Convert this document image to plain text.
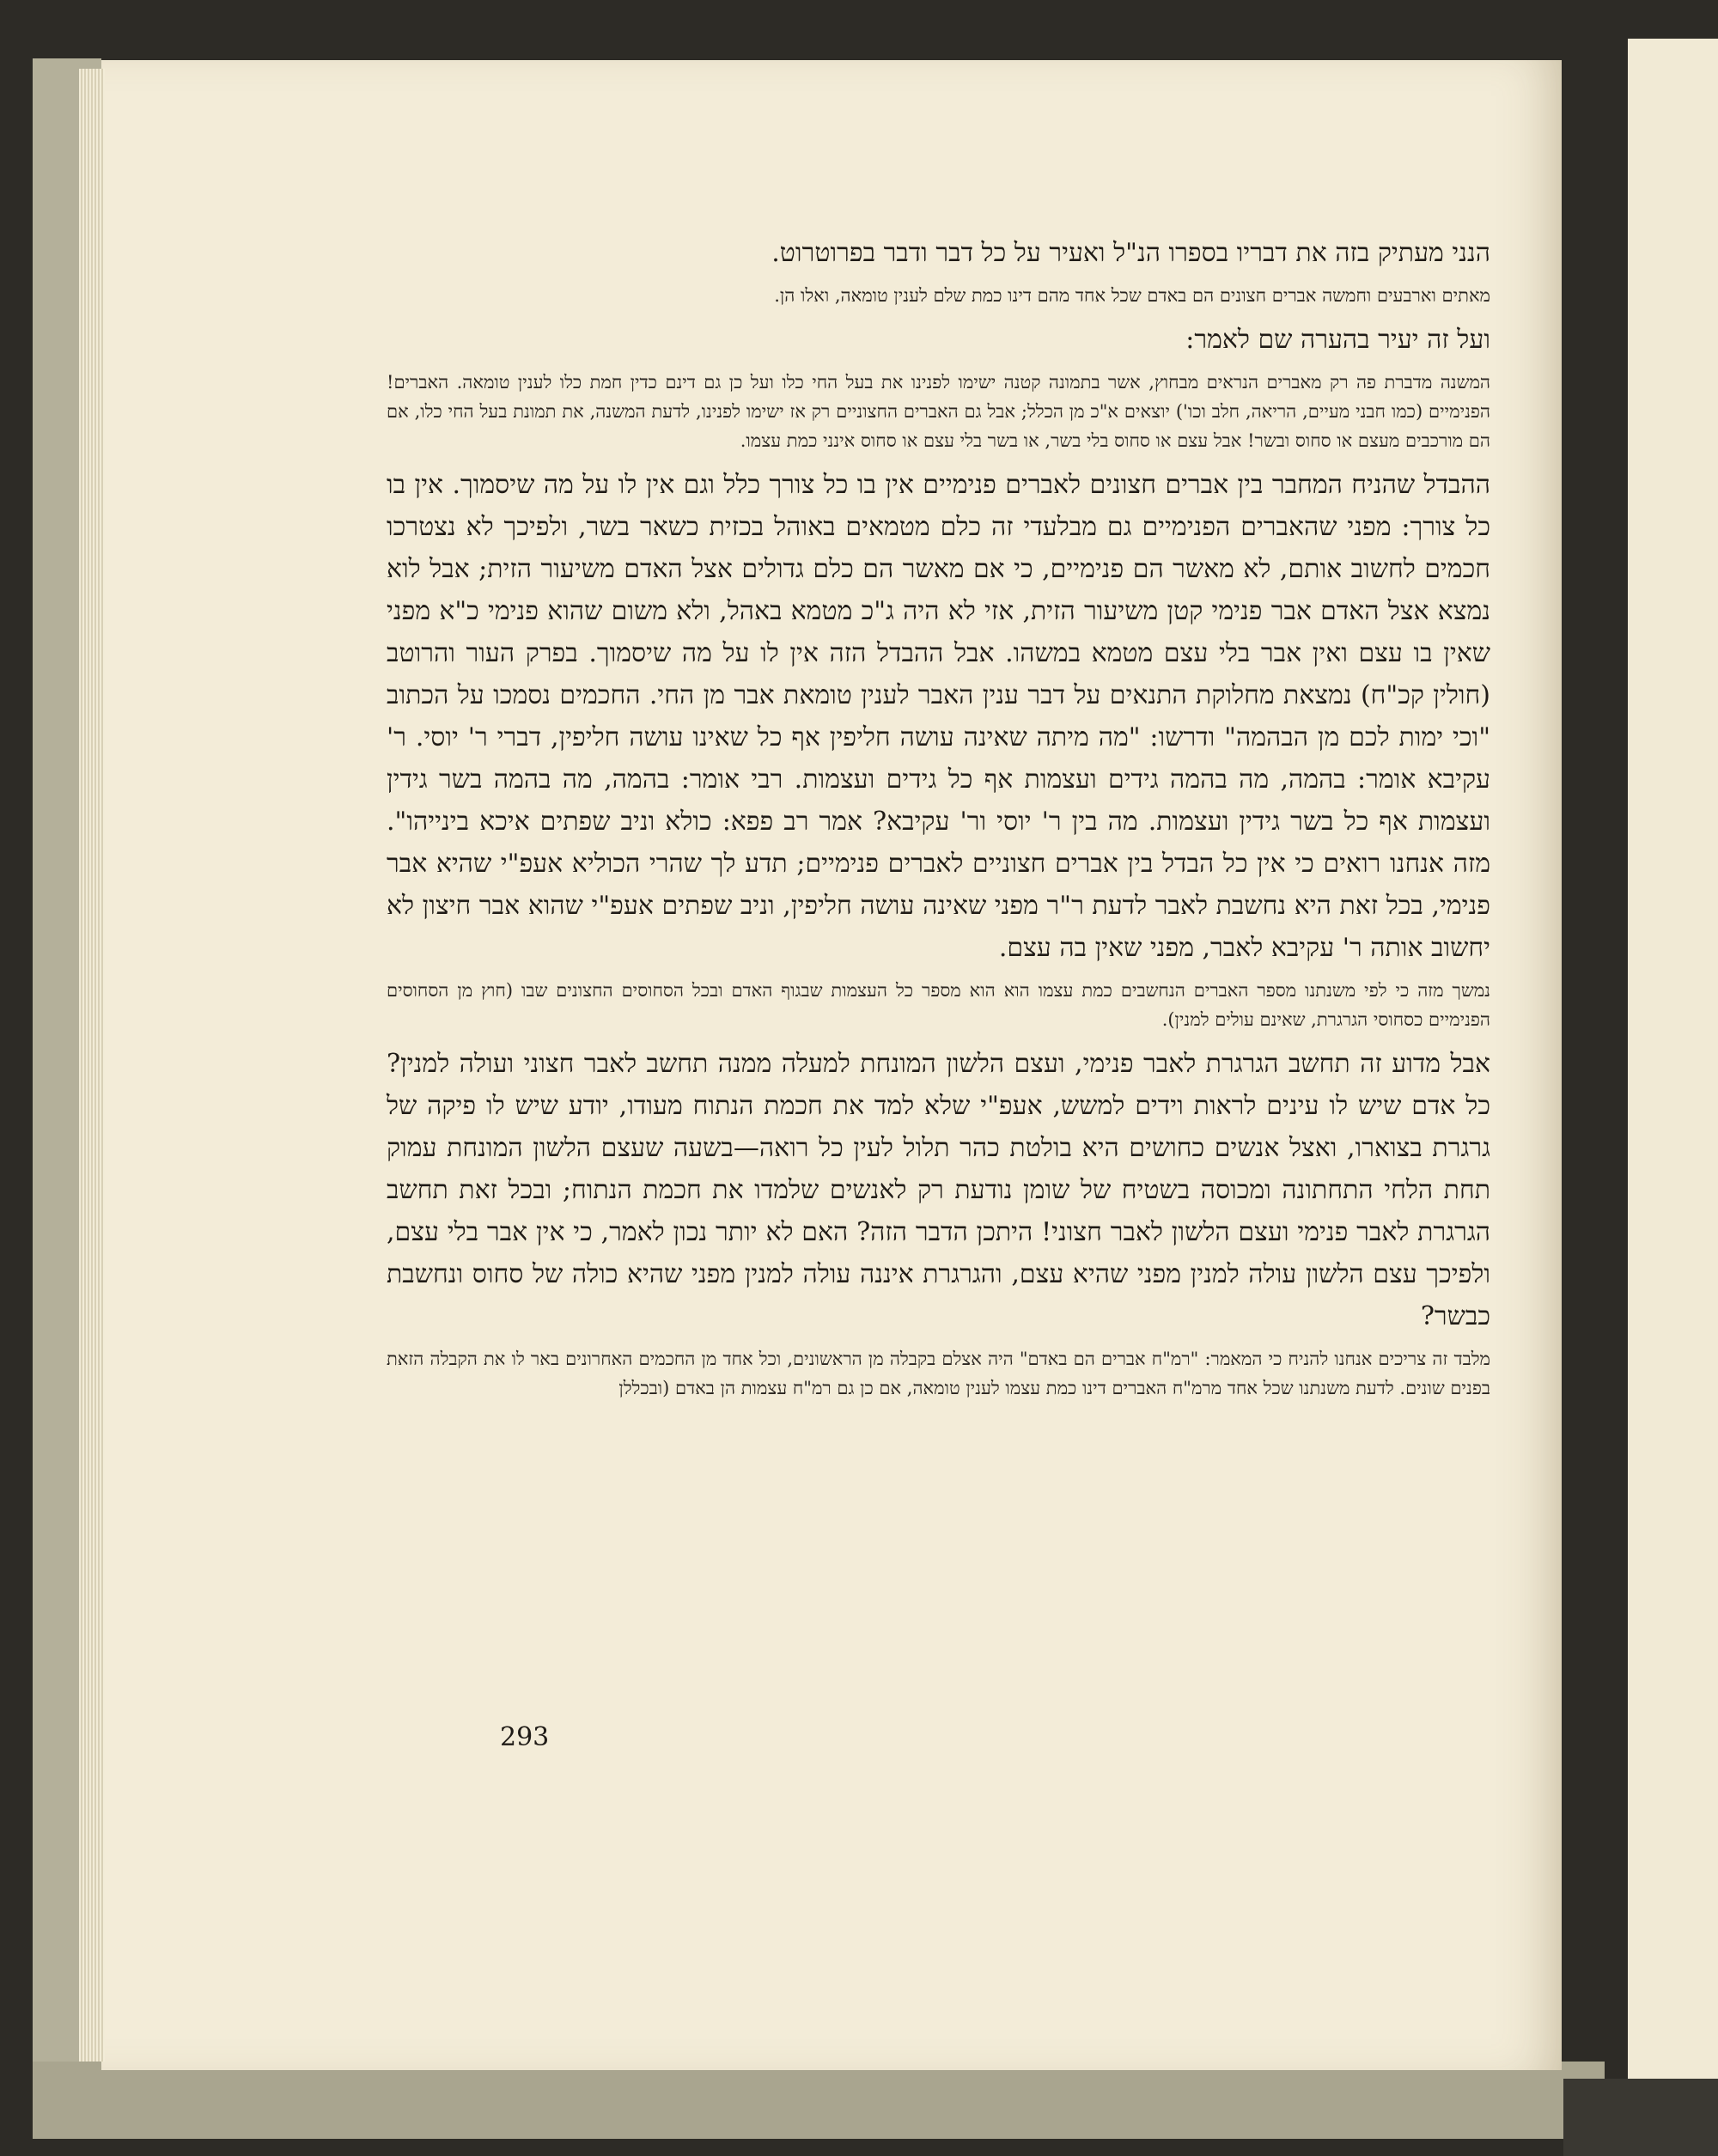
הנני מעתיק בזה את דבריו בספרו הנ"ל ואעיר על כל דבר ודבר בפרוטרוט.

מאתים וארבעים וחמשה אברים חצונים הם באדם שכל אחד מהם דינו כמת שלם לענין טומאה, ואלו הן.

ועל זה יעיר בהערה שם לאמר:

המשנה מדברת פה רק מאברים הנראים מבחוץ, אשר בתמונה קטנה ישימו לפנינו את בעל החי כלו ועל כן גם דינם כדין חמת כלו לענין טומאה. האברים! הפנימיים (כמו חבני מעיים, הריאה, חלב וכו') יוצאים א"כ מן הכלל; אבל גם האברים החצוניים רק אז ישימו לפנינו, לדעת המשנה, את תמונת בעל החי כלו, אם הם מורכבים מעצם או סחוס ובשר! אבל עצם או סחוס בלי בשר, או בשר בלי עצם או סחוס אינני כמת עצמו.

ההבדל שהניח המחבר בין אברים חצונים לאברים פנימיים אין בו כל צורך כלל וגם אין לו על מה שיסמוך. אין בו כל צורך: מפני שהאברים הפנימיים גם מבלעדי זה כלם מטמאים באוהל בכזית כשאר בשר, ולפיכך לא נצטרכו חכמים לחשוב אותם, לא מאשר הם פנימיים, כי אם מאשר הם כלם גדולים אצל האדם משיעור הזית; אבל לוא נמצא אצל האדם אבר פנימי קטן משיעור הזית, אזי לא היה ג"כ מטמא באהל, ולא משום שהוא פנימי כ"א מפני שאין בו עצם ואין אבר בלי עצם מטמא במשהו. אבל ההבדל הזה אין לו על מה שיסמוך. בפרק העור והרוטב (חולין קכ"ח) נמצאת מחלוקת התנאים על דבר ענין האבר לענין טומאת אבר מן החי. החכמים נסמכו על הכתוב "וכי ימות לכם מן הבהמה" ודרשו: "מה מיתה שאינה עושה חליפין אף כל שאינו עושה חליפין, דברי ר' יוסי. ר' עקיבא אומר: בהמה, מה בהמה גידים ועצמות אף כל גידים ועצמות. רבי אומר: בהמה, מה בהמה בשר גידין ועצמות אף כל בשר גידין ועצמות. מה בין ר' יוסי ור' עקיבא? אמר רב פפא: כולא וניב שפתים איכא בינייהו". מזה אנחנו רואים כי אין כל הבדל בין אברים חצוניים לאברים פנימיים; תדע לך שהרי הכוליא אעפ"י שהיא אבר פנימי, בכל זאת היא נחשבת לאבר לדעת ר"ר מפני שאינה עושה חליפין, וניב שפתים אעפ"י שהוא אבר חיצון לא יחשוב אותה ר' עקיבא לאבר, מפני שאין בה עצם.

נמשך מזה כי לפי משנתנו מספר האברים הנחשבים כמת עצמו הוא הוא מספר כל העצמות שבגוף האדם ובכל הסחוסים החצונים שבו (חוץ מן הסחוסים הפנימיים כסחוסי הגרגרת, שאינם עולים למנין).

אבל מדוע זה תחשב הגרגרת לאבר פנימי, ועצם הלשון המונחת למעלה ממנה תחשב לאבר חצוני ועולה למנין? כל אדם שיש לו עינים לראות וידים למשש, אעפ"י שלא למד את חכמת הנתוח מעודו, יודע שיש לו פיקה של גרגרת בצוארו, ואצל אנשים כחושים היא בולטת כהר תלול לעין כל רואה—בשעה שעצם הלשון המונחת עמוק תחת הלחי התחתונה ומכוסה בשטיח של שומן נודעת רק לאנשים שלמדו את חכמת הנתוח; ובכל זאת תחשב הגרגרת לאבר פנימי ועצם הלשון לאבר חצוני! היתכן הדבר הזה? האם לא יותר נכון לאמר, כי אין אבר בלי עצם, ולפיכך עצם הלשון עולה למנין מפני שהיא עצם, והגרגרת איננה עולה למנין מפני שהיא כולה של סחוס ונחשבת כבשר?

מלבד זה צריכים אנחנו להניח כי המאמר: "רמ"ח אברים הם באדם" היה אצלם בקבלה מן הראשונים, וכל אחד מן החכמים האחרונים באר לו את הקבלה הזאת בפנים שונים. לדעת משנתנו שכל אחד מרמ"ח האברים דינו כמת עצמו לענין טומאה, אם כן גם רמ"ח עצמות הן באדם (ובכללן

293
